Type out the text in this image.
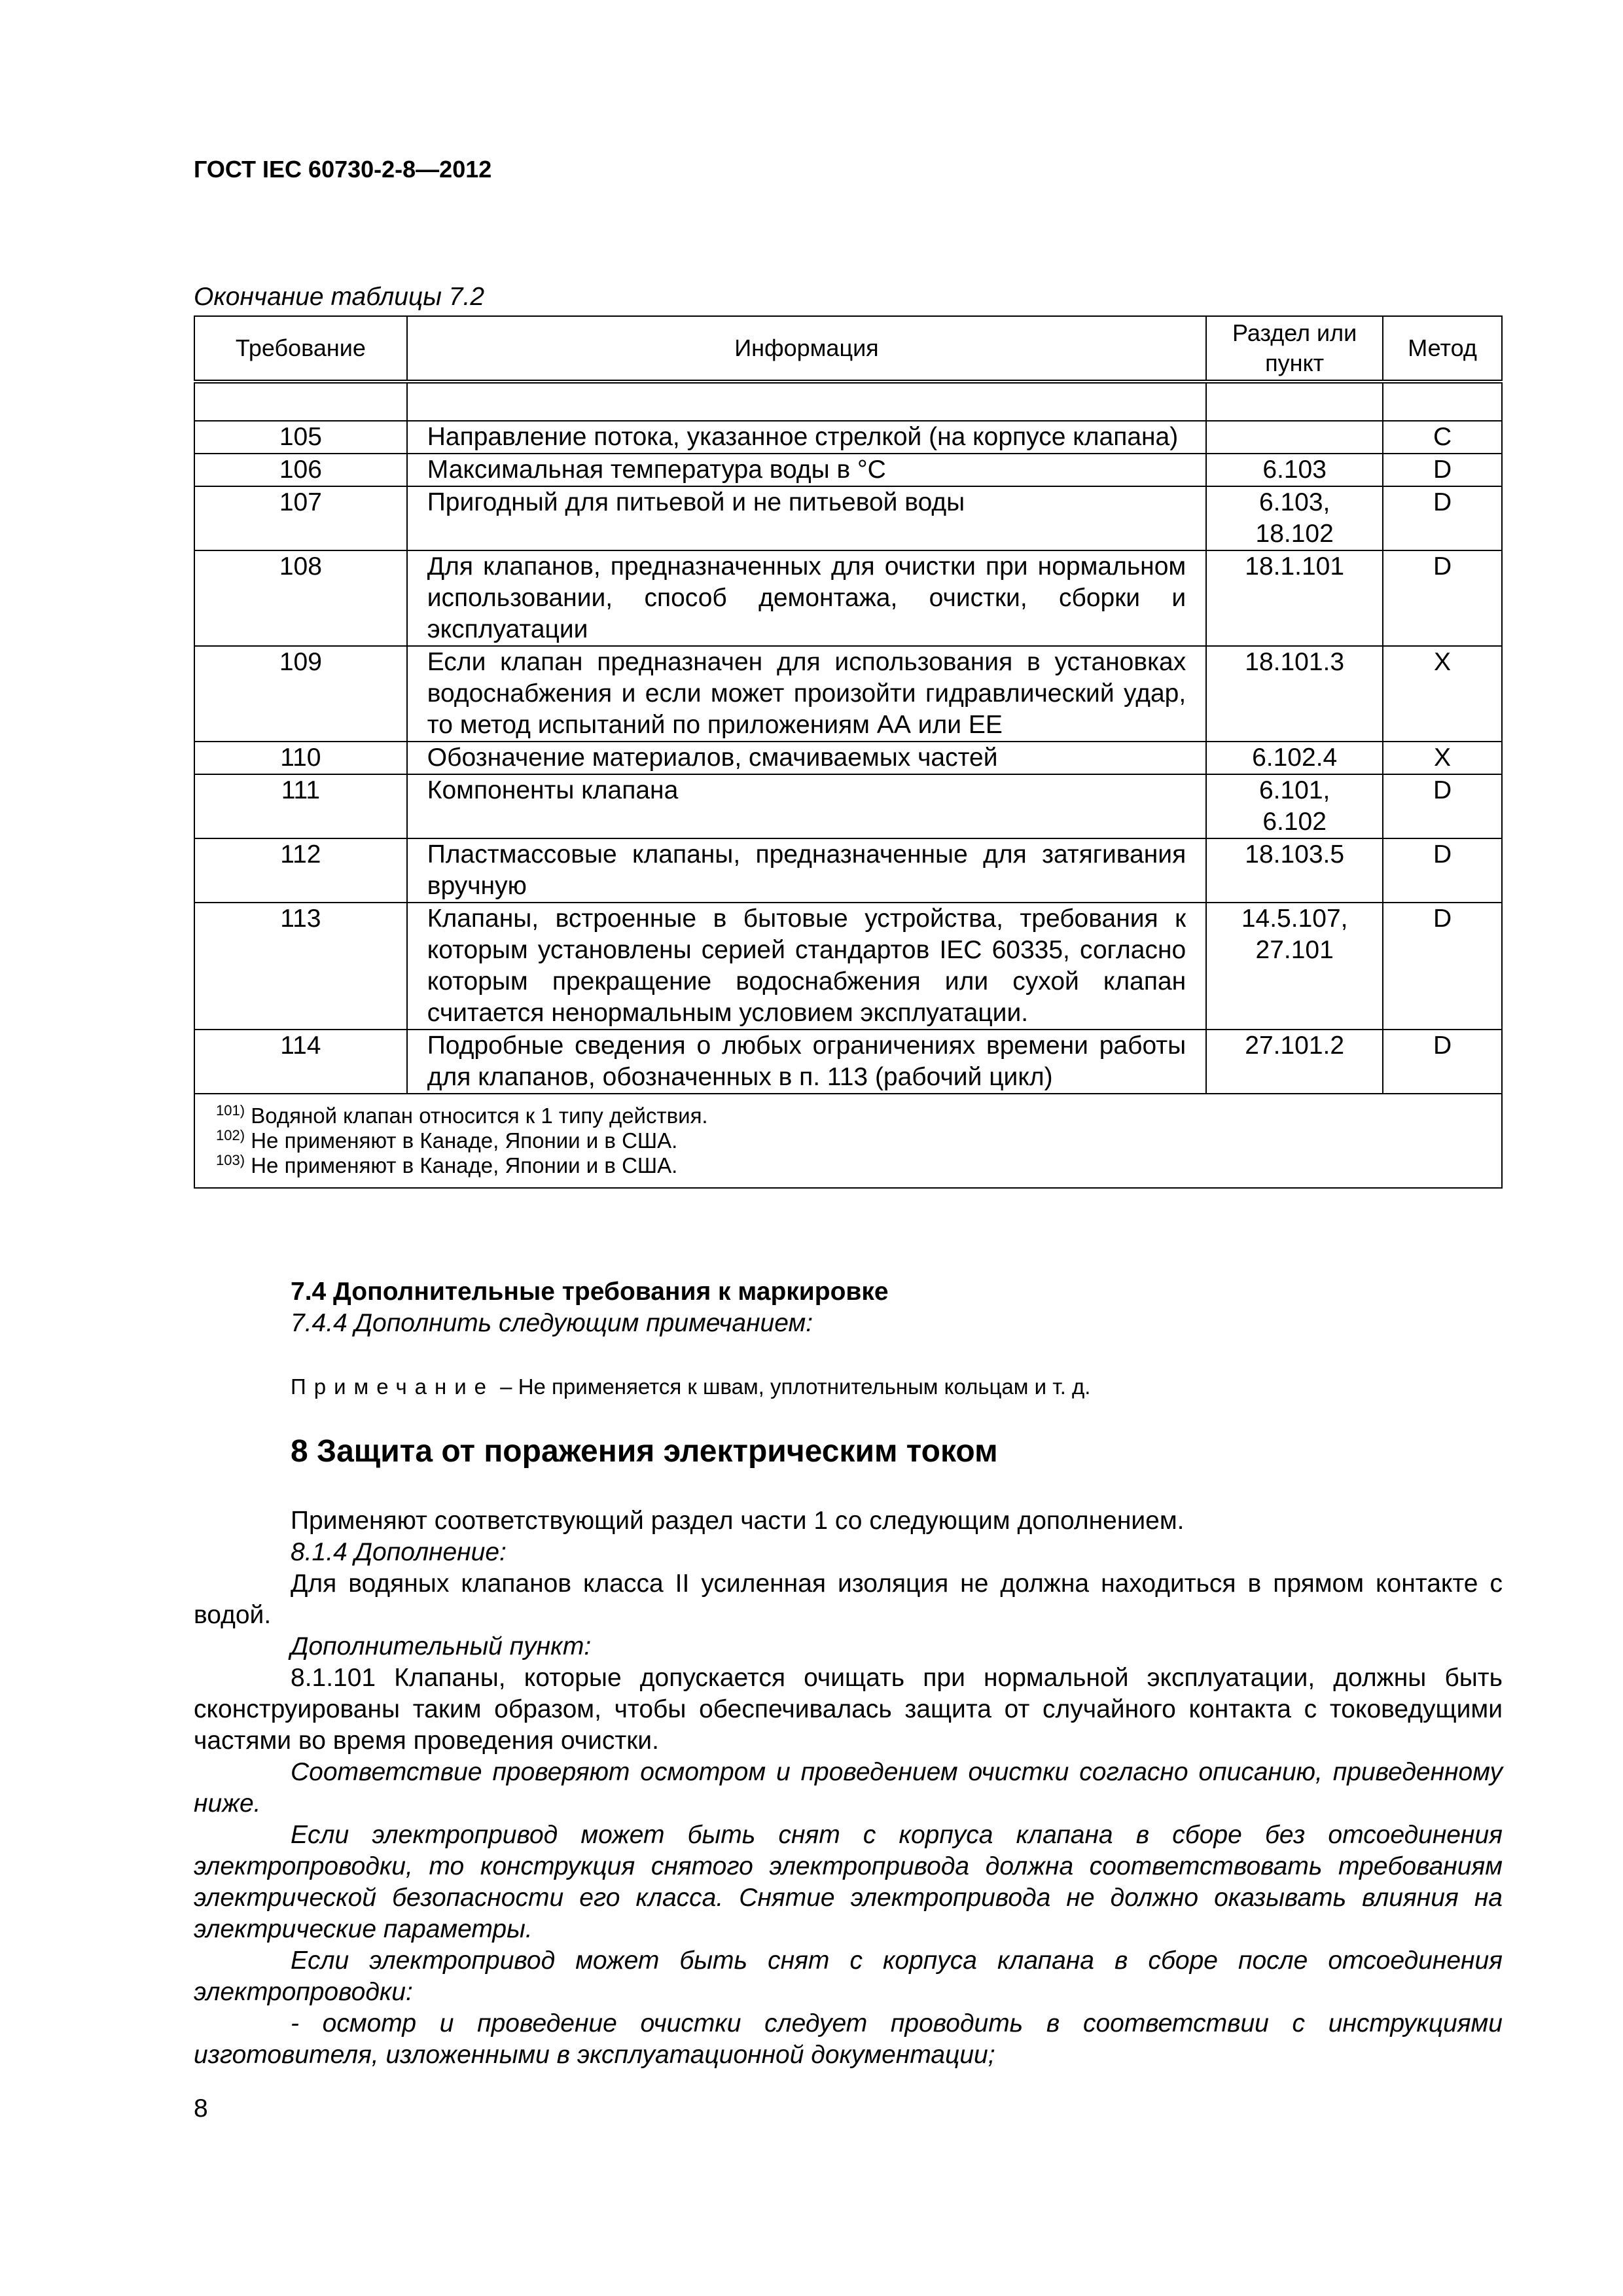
ГОСТ IEC 60730-2-8—2012
Окончание таблицы 7.2
Требование	Информация	Раздел или пункт	Метод

105	Направление потока, указанное стрелкой (на корпусе клапана)		C
106	Максимальная температура воды в °С	6.103	D
107	Пригодный для питьевой и не питьевой воды	6.103, 18.102	D
108	Для клапанов, предназначенных для очистки при нормальном использовании, способ демонтажа, очистки, сборки и эксплуатации	18.1.101	D
109	Если клапан предназначен для использования в установках водоснабжения и если может произойти гидравлический удар, то метод испытаний по приложениям АА или ЕЕ	18.101.3	X
110	Обозначение материалов, смачиваемых частей	6.102.4	X
111	Компоненты клапана	6.101, 6.102	D
112	Пластмассовые клапаны, предназначенные для затягивания вручную	18.103.5	D
113	Клапаны, встроенные в бытовые устройства, требования к которым установлены серией стандартов IEC 60335, согласно которым прекращение водоснабжения или сухой клапан считается ненормальным условием эксплуатации.	14.5.107, 27.101	D
114	Подробные сведения о любых ограничениях времени работы для клапанов, обозначенных в п. 113 (рабочий цикл)	27.101.2	D

$^{101)}$ Водяной клапан относится к 1 типу действия.
$^{102)}$ Не применяют в Канаде, Японии и в США.
$^{103)}$ Не применяют в Канаде, Японии и в США.			

7.4 Дополнительные требования к маркировке

7.4.4 Дополнить следующим примечанием:

Примечание – Не применяется к швам, уплотнительным кольцам и т. д.
8 Защита от поражения электрическим током

Применяют соответствующий раздел части 1 со следующим дополнением.

8.1.4 Дополнение:

Для водяных клапанов класса II усиленная изоляция не должна находиться в прямом контакте с водой.

Дополнительный пункт:

8.1.101 Клапаны, которые допускается очищать при нормальной эксплуатации, должны быть сконструированы таким образом, чтобы обеспечивалась защита от случайного контакта с токоведущими частями во время проведения очистки.

Соответствие проверяют осмотром и проведением очистки согласно описанию, приведенному ниже.

Если электропривод может быть снят с корпуса клапана в сборе без отсоединения электропроводки, то конструкция снятого электропривода должна соответствовать требованиям электрической безопасности его класса. Снятие электропривода не должно оказывать влияния на электрические параметры.

Если электропривод может быть снят с корпуса клапана в сборе после отсоединения электропроводки:

- осмотр и проведение очистки следует проводить в соответствии с инструкциями изготовителя, изложенными в эксплуатационной документации;

8
